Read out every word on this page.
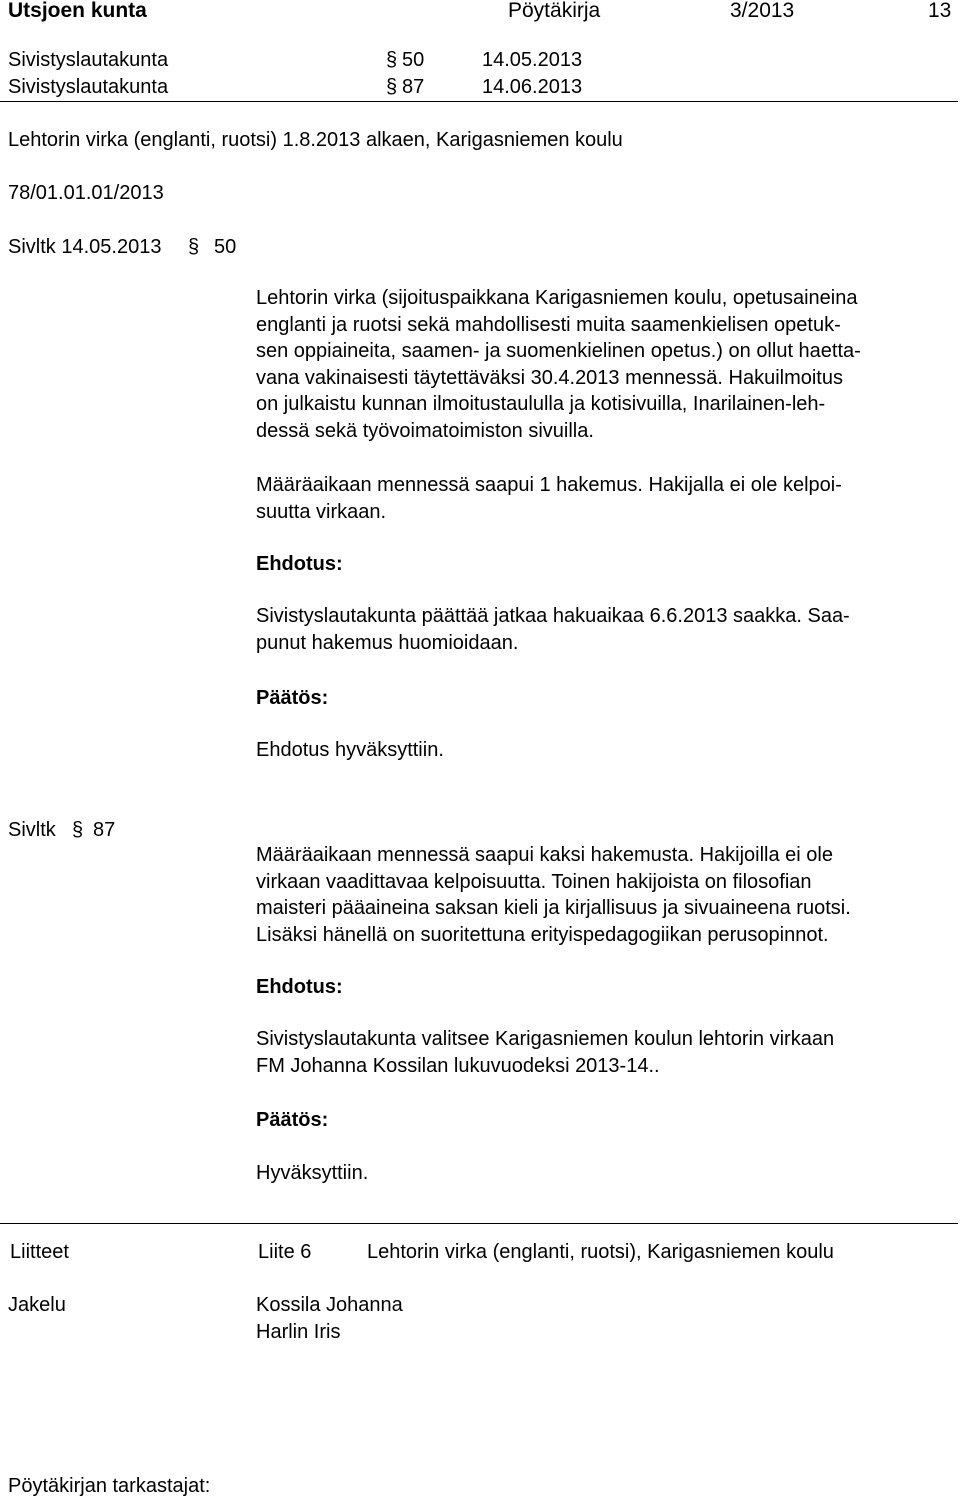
Utsjoen kunta	Pöytäkirja	3/2013	13
Sivistyslautakunta	§ 50	14.05.2013
Sivistyslautakunta	§ 87	14.06.2013
Lehtorin virka (englanti, ruotsi) 1.8.2013 alkaen, Karigasniemen koulu
78/01.01.01/2013
Sivltk 14.05.2013 § 50

Lehtorin virka (sijoituspaikkana Karigasniemen koulu, opetusaineina

englanti ja ruotsi sekä mahdollisesti muita saamenkielisen opetuk-

sen oppiaineita, saamen- ja suomenkielinen opetus.) on ollut haetta-

vana vakinaisesti täytettäväksi 30.4.2013 mennessä. Hakuilmoitus

on julkaistu kunnan ilmoitustaululla ja kotisivuilla, Inarilainen-leh-

dessä sekä työvoimatoimiston sivuilla.

Määräaikaan mennessä saapui 1 hakemus. Hakijalla ei ole kelpoi-

suutta virkaan.

Ehdotus:

Sivistyslautakunta päättää jatkaa hakuaikaa 6.6.2013 saakka. Saa-

punut hakemus huomioidaan.

Päätös:
Ehdotus hyväksyttiin.
Sivltk § 87

Määräaikaan mennessä saapui kaksi hakemusta. Hakijoilla ei ole

virkaan vaadittavaa kelpoisuutta. Toinen hakijoista on filosofian

maisteri pääaineina saksan kieli ja kirjallisuus ja sivuaineena ruotsi.

Lisäksi hänellä on suoritettuna erityispedagogiikan perusopinnot.

Ehdotus:

Sivistyslautakunta valitsee Karigasniemen koulun lehtorin virkaan

FM Johanna Kossilan lukuvuodeksi 2013-14..

Päätös:
Hyväksyttiin.
Liitteet	Liite 6	Lehtorin virka (englanti, ruotsi), Karigasniemen koulu
Jakelu	Kossila Johanna
Harlin Iris
Pöytäkirjan tarkastajat:
